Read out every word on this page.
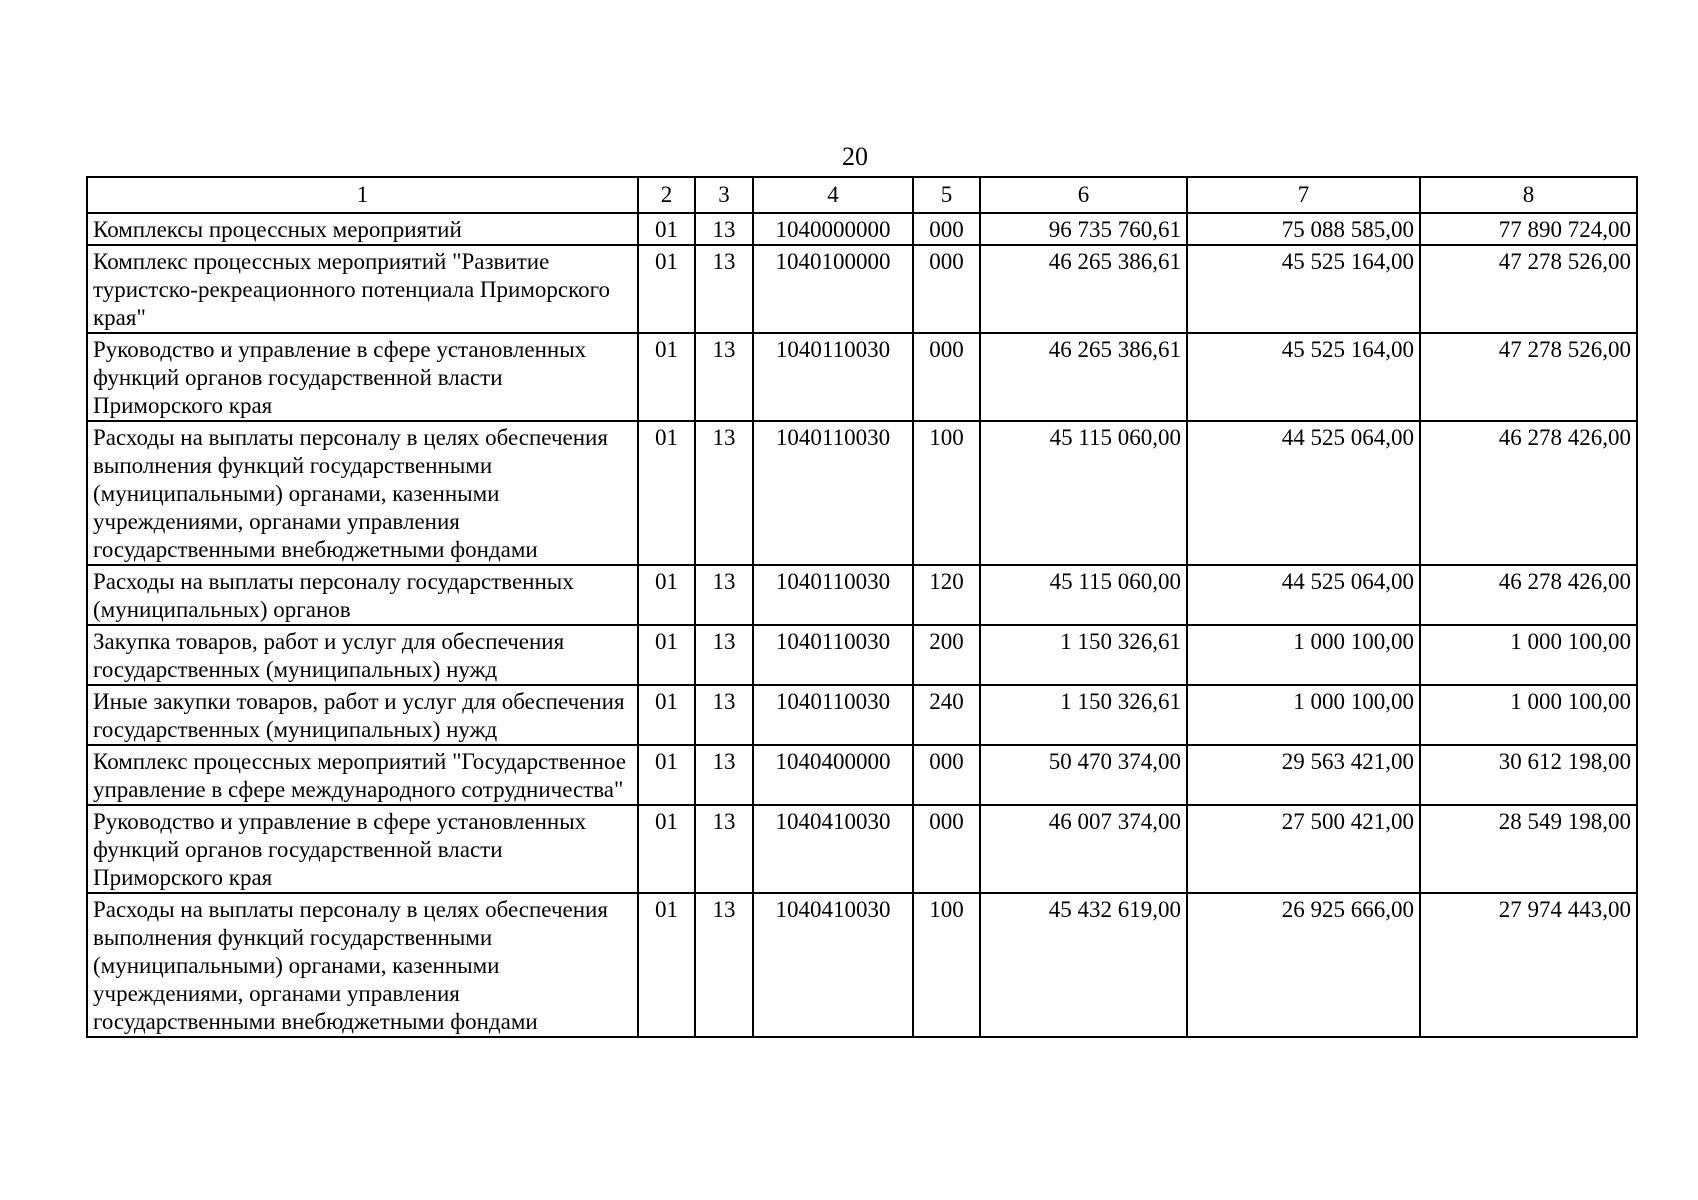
20
1	2	3	4	5	6	7	8
Комплексы процессных мероприятий	01	13	1040000000	000	96 735 760,61	75 088 585,00	77 890 724,00
Комплекс процессных мероприятий "Развитие туристско-рекреационного потенциала Приморского края"	01	13	1040100000	000	46 265 386,61	45 525 164,00	47 278 526,00
Руководство и управление в сфере установленных функций органов государственной власти Приморского края	01	13	1040110030	000	46 265 386,61	45 525 164,00	47 278 526,00
Расходы на выплаты персоналу в целях обеспечения выполнения функций государственными (муниципальными) органами, казенными учреждениями, органами управления государственными внебюджетными фондами	01	13	1040110030	100	45 115 060,00	44 525 064,00	46 278 426,00
Расходы на выплаты персоналу государственных (муниципальных) органов	01	13	1040110030	120	45 115 060,00	44 525 064,00	46 278 426,00
Закупка товаров, работ и услуг для обеспечения государственных (муниципальных) нужд	01	13	1040110030	200	1 150 326,61	1 000 100,00	1 000 100,00
Иные закупки товаров, работ и услуг для обеспечения государственных (муниципальных) нужд	01	13	1040110030	240	1 150 326,61	1 000 100,00	1 000 100,00
Комплекс процессных мероприятий "Государственное управление в сфере международного сотрудничества"	01	13	1040400000	000	50 470 374,00	29 563 421,00	30 612 198,00
Руководство и управление в сфере установленных функций органов государственной власти Приморского края	01	13	1040410030	000	46 007 374,00	27 500 421,00	28 549 198,00
Расходы на выплаты персоналу в целях обеспечения выполнения функций государственными (муниципальными) органами, казенными учреждениями, органами управления государственными внебюджетными фондами	01	13	1040410030	100	45 432 619,00	26 925 666,00	27 974 443,00
